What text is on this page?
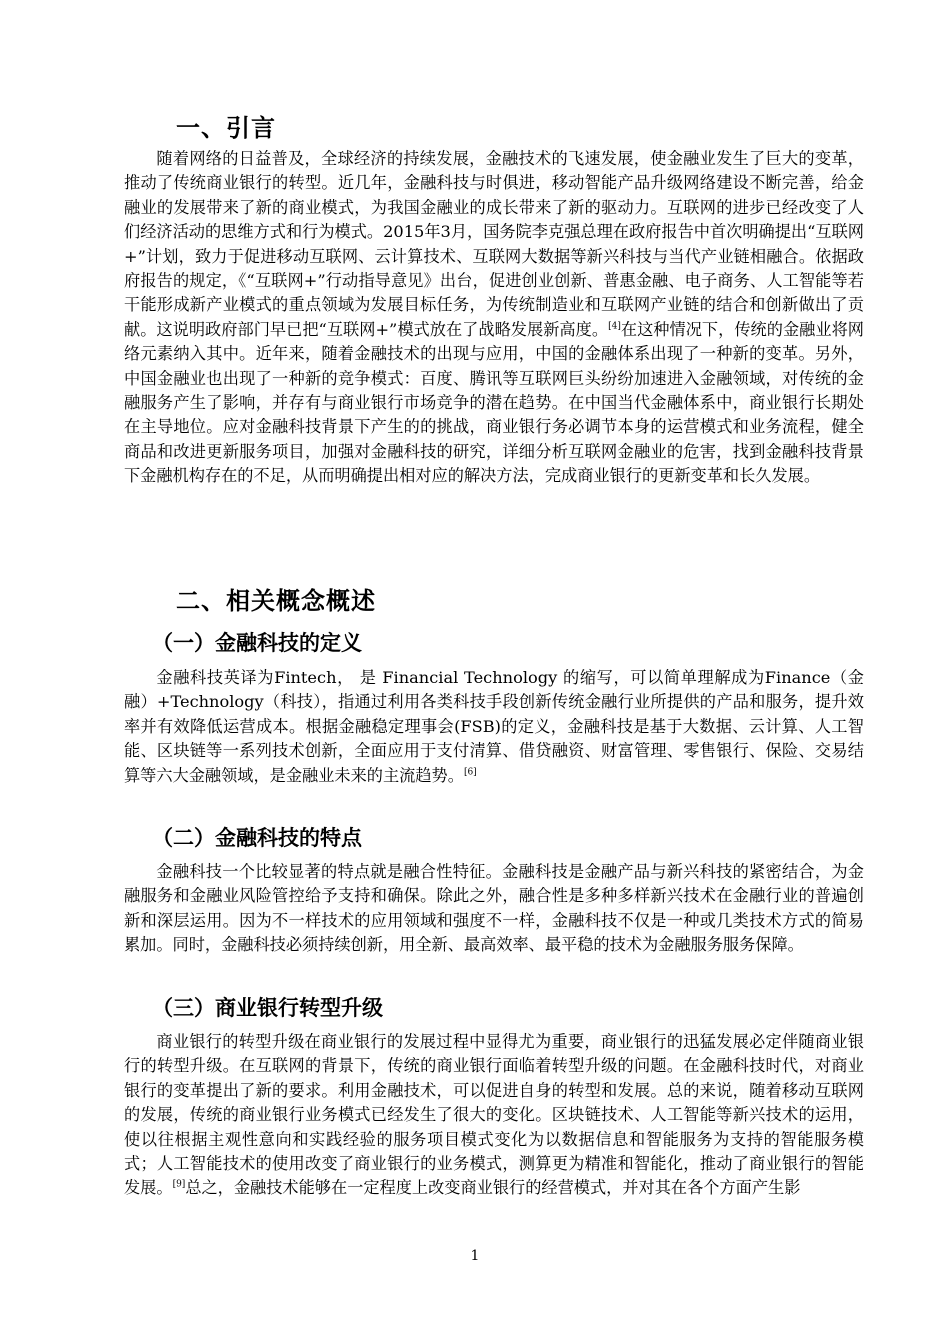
一、引言

随着网络的日益普及，全球经济的持续发展，金融技术的飞速发展，使金融业发生了巨大的变革，推动了传统商业银行的转型。近几年，金融科技与时俱进，移动智能产品升级网络建设不断完善，给金融业的发展带来了新的商业模式，为我国金融业的成长带来了新的驱动力。互联网的进步已经改变了人们经济活动的思维方式和行为模式。2015年3月，国务院李克强总理在政府报告中首次明确提出“互联网+”计划，致力于促进移动互联网、云计算技术、互联网大数据等新兴科技与当代产业链相融合。依据政府报告的规定，《“互联网+”行动指导意见》出台，促进创业创新、普惠金融、电子商务、人工智能等若干能形成新产业模式的重点领域为发展目标任务，为传统制造业和互联网产业链的结合和创新做出了贡献。这说明政府部门早已把“互联网+”模式放在了战略发展新高度。[4]在这种情况下，传统的金融业将网络元素纳入其中。近年来，随着金融技术的出现与应用，中国的金融体系出现了一种新的变革。另外，中国金融业也出现了一种新的竞争模式：百度、腾讯等互联网巨头纷纷加速进入金融领域，对传统的金融服务产生了影响，并存有与商业银行市场竞争的潜在趋势。在中国当代金融体系中，商业银行长期处在主导地位。应对金融科技背景下产生的的挑战，商业银行务必调节本身的运营模式和业务流程，健全商品和改进更新服务项目，加强对金融科技的研究，详细分析互联网金融业的危害，找到金融科技背景下金融机构存在的不足，从而明确提出相对应的解决方法，完成商业银行的更新变革和长久发展。

二、相关概念概述
（一）金融科技的定义

金融科技英译为Fintech， 是 Financial Technology 的缩写，可以简单理解成为Finance（金融）+Technology（科技），指通过利用各类科技手段创新传统金融行业所提供的产品和服务，提升效率并有效降低运营成本。根据金融稳定理事会(FSB)的定义，金融科技是基于大数据、云计算、人工智能、区块链等一系列技术创新，全面应用于支付清算、借贷融资、财富管理、零售银行、保险、交易结算等六大金融领域，是金融业未来的主流趋势。[6]

（二）金融科技的特点

金融科技一个比较显著的特点就是融合性特征。金融科技是金融产品与新兴科技的紧密结合，为金融服务和金融业风险管控给予支持和确保。除此之外，融合性是多种多样新兴技术在金融行业的普遍创新和深层运用。因为不一样技术的应用领域和强度不一样，金融科技不仅是一种或几类技术方式的简易累加。同时，金融科技必须持续创新，用全新、最高效率、最平稳的技术为金融服务服务保障。

（三）商业银行转型升级

商业银行的转型升级在商业银行的发展过程中显得尤为重要，商业银行的迅猛发展必定伴随商业银行的转型升级。在互联网的背景下，传统的商业银行面临着转型升级的问题。在金融科技时代，对商业银行的变革提出了新的要求。利用金融技术，可以促进自身的转型和发展。总的来说，随着移动互联网的发展，传统的商业银行业务模式已经发生了很大的变化。区块链技术、人工智能等新兴技术的运用，使以往根据主观性意向和实践经验的服务项目模式变化为以数据信息和智能服务为支持的智能服务模式；人工智能技术的使用改变了商业银行的业务模式，测算更为精准和智能化，推动了商业银行的智能发展。[9]总之，金融技术能够在一定程度上改变商业银行的经营模式，并对其在各个方面产生影

1
